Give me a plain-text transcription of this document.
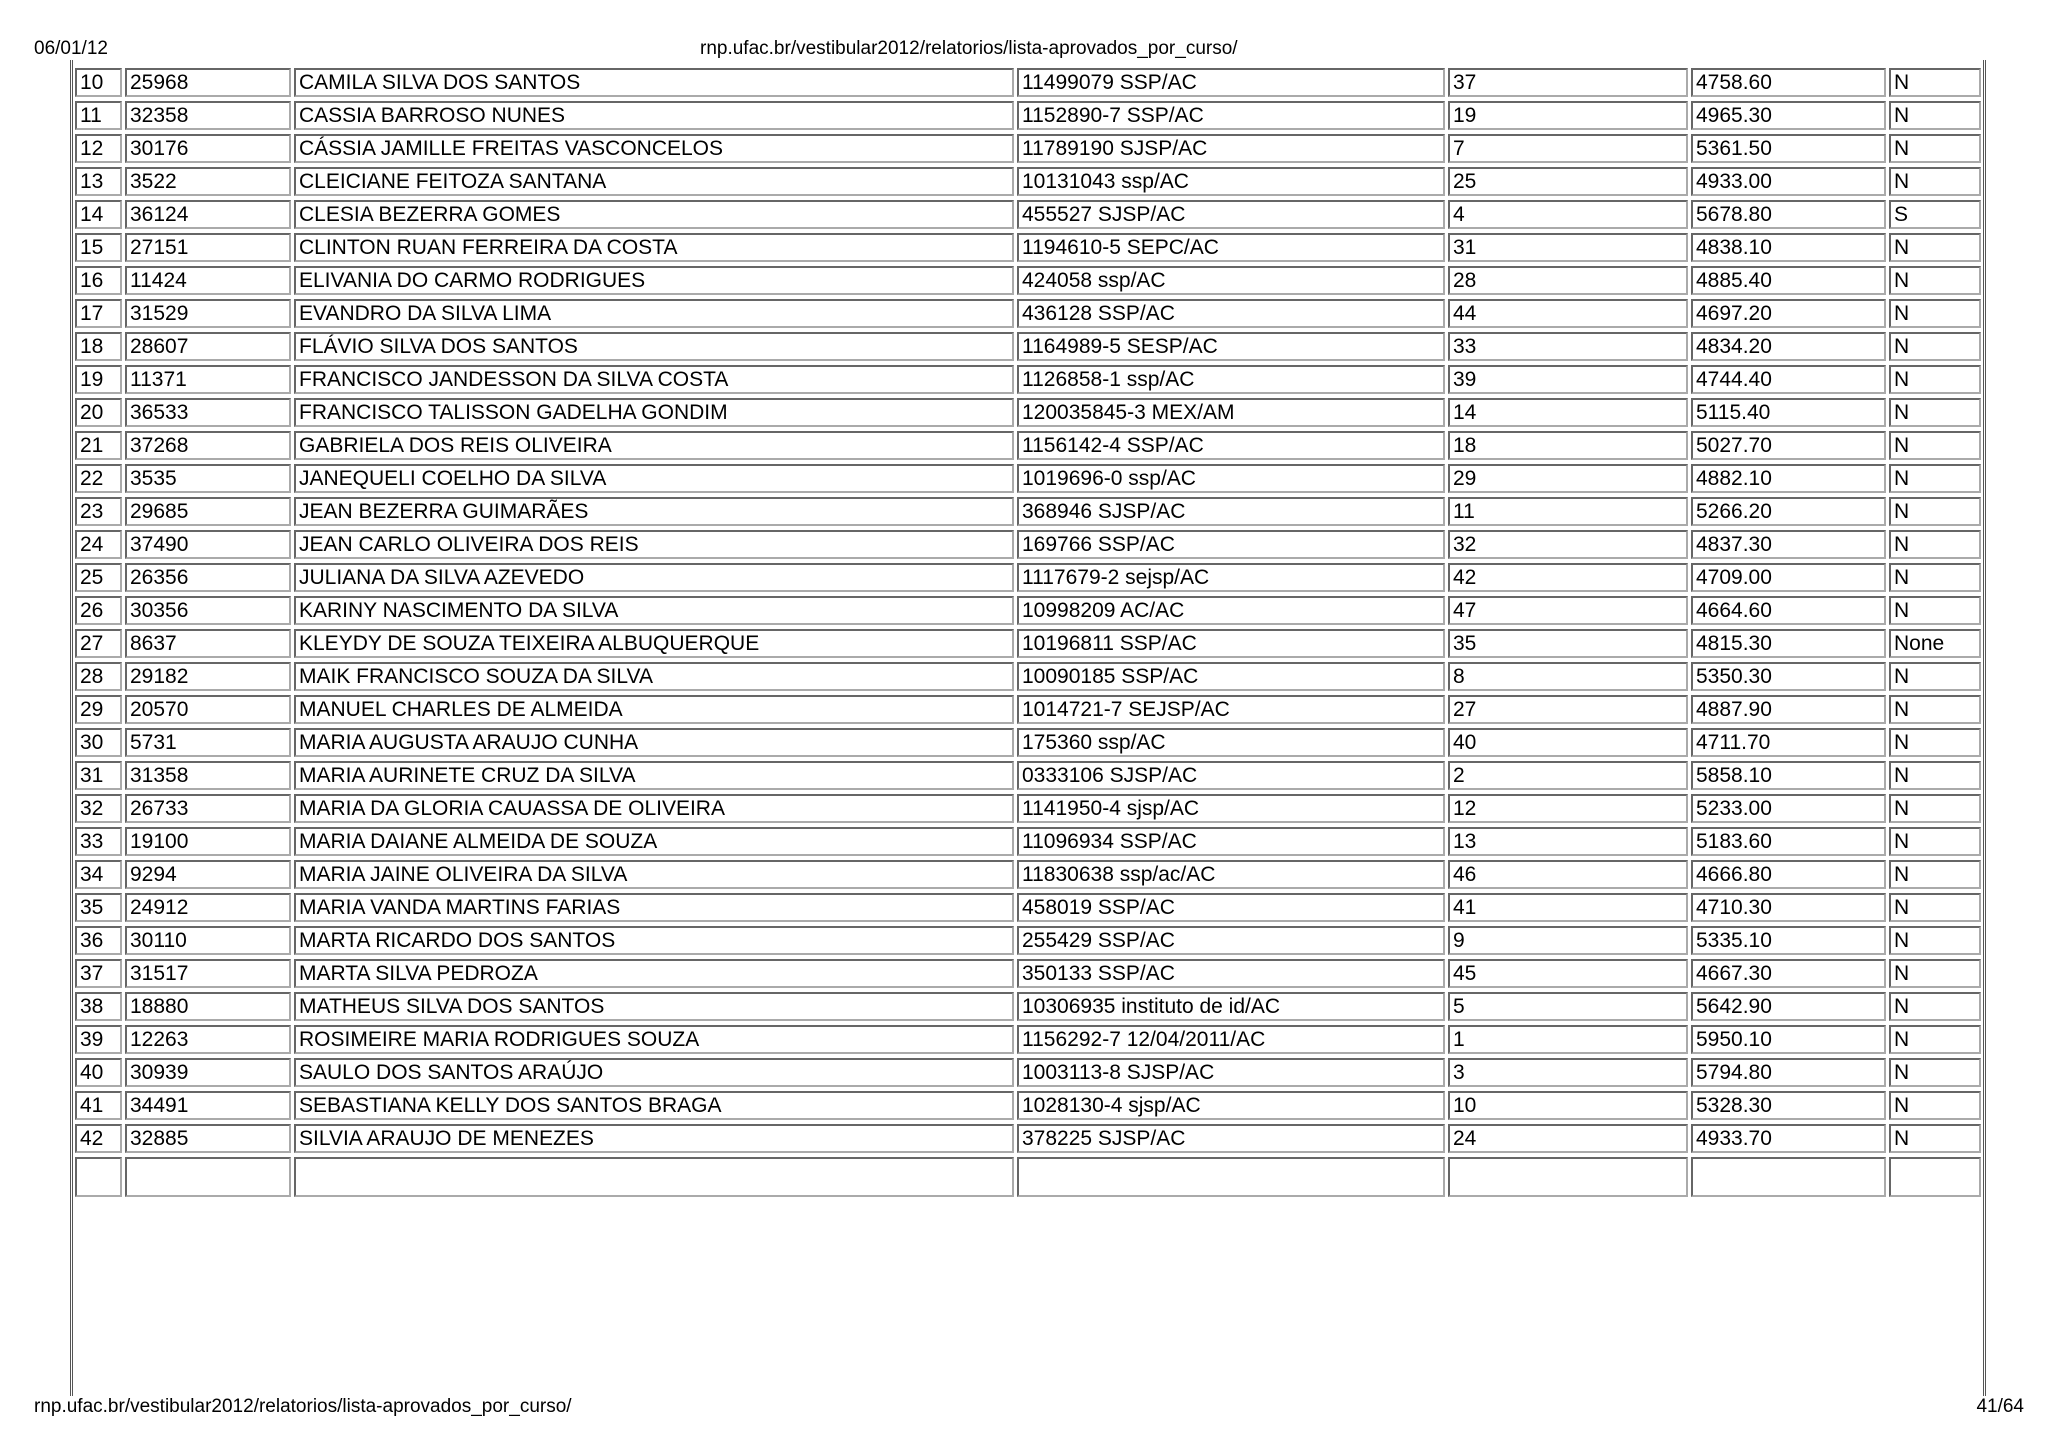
06/01/12	rnp.ufac.br/vestibular2012/relatorios/lista-aprovados_por_curso/
10	25968	CAMILA SILVA DOS SANTOS	11499079 SSP/AC	37	4758.60	N
11	32358	CASSIA BARROSO NUNES	1152890-7 SSP/AC	19	4965.30	N
12	30176	CÁSSIA JAMILLE FREITAS VASCONCELOS	11789190 SJSP/AC	7	5361.50	N
13	3522	CLEICIANE FEITOZA SANTANA	10131043 ssp/AC	25	4933.00	N
14	36124	CLESIA BEZERRA GOMES	455527 SJSP/AC	4	5678.80	S
15	27151	CLINTON RUAN FERREIRA DA COSTA	1194610-5 SEPC/AC	31	4838.10	N
16	11424	ELIVANIA DO CARMO RODRIGUES	424058 ssp/AC	28	4885.40	N
17	31529	EVANDRO DA SILVA LIMA	436128 SSP/AC	44	4697.20	N
18	28607	FLÁVIO SILVA DOS SANTOS	1164989-5 SESP/AC	33	4834.20	N
19	11371	FRANCISCO JANDESSON DA SILVA COSTA	1126858-1 ssp/AC	39	4744.40	N
20	36533	FRANCISCO TALISSON GADELHA GONDIM	120035845-3 MEX/AM	14	5115.40	N
21	37268	GABRIELA DOS REIS OLIVEIRA	1156142-4 SSP/AC	18	5027.70	N
22	3535	JANEQUELI COELHO DA SILVA	1019696-0 ssp/AC	29	4882.10	N
23	29685	JEAN BEZERRA GUIMARÃES	368946 SJSP/AC	11	5266.20	N
24	37490	JEAN CARLO OLIVEIRA DOS REIS	169766 SSP/AC	32	4837.30	N
25	26356	JULIANA DA SILVA AZEVEDO	1117679-2 sejsp/AC	42	4709.00	N
26	30356	KARINY NASCIMENTO DA SILVA	10998209 AC/AC	47	4664.60	N
27	8637	KLEYDY DE SOUZA TEIXEIRA ALBUQUERQUE	10196811 SSP/AC	35	4815.30	None
28	29182	MAIK FRANCISCO SOUZA DA SILVA	10090185 SSP/AC	8	5350.30	N
29	20570	MANUEL CHARLES DE ALMEIDA	1014721-7 SEJSP/AC	27	4887.90	N
30	5731	MARIA AUGUSTA ARAUJO CUNHA	175360 ssp/AC	40	4711.70	N
31	31358	MARIA AURINETE CRUZ DA SILVA	0333106 SJSP/AC	2	5858.10	N
32	26733	MARIA DA GLORIA CAUASSA DE OLIVEIRA	1141950-4 sjsp/AC	12	5233.00	N
33	19100	MARIA DAIANE ALMEIDA DE SOUZA	11096934 SSP/AC	13	5183.60	N
34	9294	MARIA JAINE OLIVEIRA DA SILVA	11830638 ssp/ac/AC	46	4666.80	N
35	24912	MARIA VANDA MARTINS FARIAS	458019 SSP/AC	41	4710.30	N
36	30110	MARTA RICARDO DOS SANTOS	255429 SSP/AC	9	5335.10	N
37	31517	MARTA SILVA PEDROZA	350133 SSP/AC	45	4667.30	N
38	18880	MATHEUS SILVA DOS SANTOS	10306935 instituto de id/AC	5	5642.90	N
39	12263	ROSIMEIRE MARIA RODRIGUES SOUZA	1156292-7 12/04/2011/AC	1	5950.10	N
40	30939	SAULO DOS SANTOS ARAÚJO	1003113-8 SJSP/AC	3	5794.80	N
41	34491	SEBASTIANA KELLY DOS SANTOS BRAGA	1028130-4 sjsp/AC	10	5328.30	N
42	32885	SILVIA ARAUJO DE MENEZES	378225 SJSP/AC	24	4933.70	N

rnp.ufac.br/vestibular2012/relatorios/lista-aprovados_por_curso/	41/64
